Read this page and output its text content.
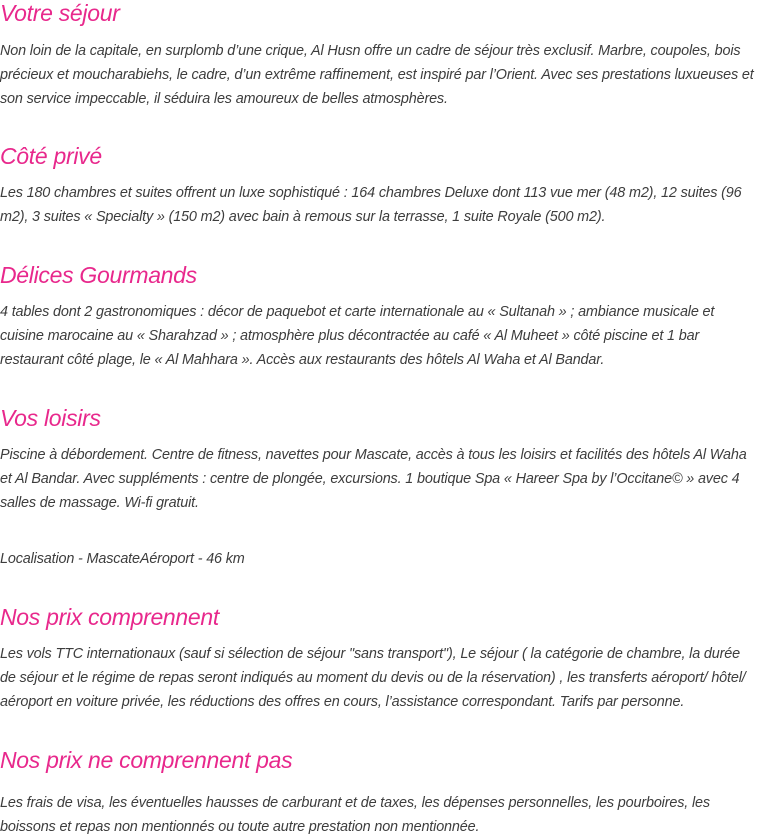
Votre séjour

Non loin de la capitale, en surplomb d’une crique, Al Husn offre un cadre de séjour très exclusif. Marbre, coupoles, bois précieux et moucharabiehs, le cadre, d’un extrême raffinement, est inspiré par l’Orient. Avec ses prestations luxueuses et son service impeccable, il séduira les amoureux de belles atmosphères.

Côté privé

Les 180 chambres et suites offrent un luxe sophistiqué : 164 chambres Deluxe dont 113 vue mer (48 m2), 12 suites (96 m2), 3 suites « Specialty » (150 m2) avec bain à remous sur la terrasse, 1 suite Royale (500 m2).

Délices Gourmands

4 tables dont 2 gastronomiques : décor de paquebot et carte internationale au « Sultanah » ; ambiance musicale et cuisine marocaine au « Sharahzad » ; atmosphère plus décontractée au café « Al Muheet » côté piscine et 1 bar restaurant côté plage, le « Al Mahhara ». Accès aux restaurants des hôtels Al Waha et Al Bandar.

Vos loisirs

Piscine à débordement. Centre de fitness, navettes pour Mascate, accès à tous les loisirs et facilités des hôtels Al Waha et Al Bandar. Avec suppléments : centre de plongée, excursions. 1 boutique Spa « Hareer Spa by l’Occitane© » avec 4 salles de massage. Wi-fi gratuit.

Localisation - MascateAéroport - 46 km

Nos prix comprennent

Les vols TTC internationaux (sauf si sélection de séjour "sans transport"), Le séjour ( la catégorie de chambre, la durée de séjour et le régime de repas seront indiqués au moment du devis ou de la réservation) , les transferts aéroport/ hôtel/ aéroport en voiture privée, les réductions des offres en cours, l’assistance correspondant. Tarifs par personne.

Nos prix ne comprennent pas

Les frais de visa, les éventuelles hausses de carburant et de taxes, les dépenses personnelles, les pourboires, les boissons et repas non mentionnés ou toute autre prestation non mentionnée.
